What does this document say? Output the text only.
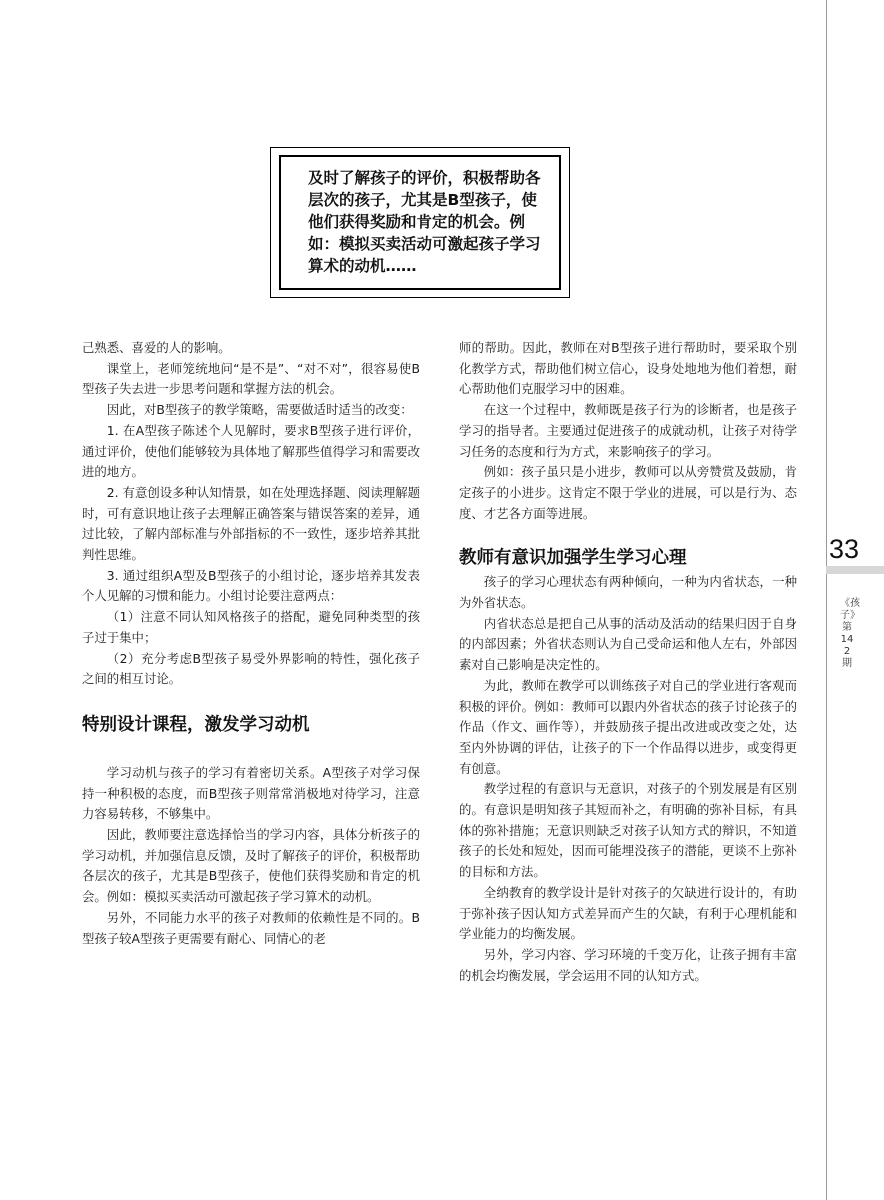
33
《孩子》第142期
及时了解孩子的评价，积极帮助各层次的孩子，尤其是B型孩子，使他们获得奖励和肯定的机会。例如：模拟买卖活动可激起孩子学习算术的动机……

己熟悉、喜爱的人的影响。

课堂上，老师笼统地问“是不是”、“对不对”，很容易使B型孩子失去进一步思考问题和掌握方法的机会。

因此，对B型孩子的教学策略，需要做适时适当的改变：

1. 在A型孩子陈述个人见解时，要求B型孩子进行评价，通过评价，使他们能够较为具体地了解那些值得学习和需要改进的地方。

2. 有意创设多种认知情景，如在处理选择题、阅读理解题时，可有意识地让孩子去理解正确答案与错误答案的差异，通过比较，了解内部标准与外部指标的不一致性，逐步培养其批判性思维。

3. 通过组织A型及B型孩子的小组讨论，逐步培养其发表个人见解的习惯和能力。小组讨论要注意两点：

（1）注意不同认知风格孩子的搭配，避免同种类型的孩子过于集中；

（2）充分考虑B型孩子易受外界影响的特性，强化孩子之间的相互讨论。

特别设计课程，激发学习动机

学习动机与孩子的学习有着密切关系。A型孩子对学习保持一种积极的态度，而B型孩子则常常消极地对待学习，注意力容易转移，不够集中。

因此，教师要注意选择恰当的学习内容，具体分析孩子的学习动机，并加强信息反馈，及时了解孩子的评价，积极帮助各层次的孩子，尤其是B型孩子，使他们获得奖励和肯定的机会。例如：模拟买卖活动可激起孩子学习算术的动机。

另外，不同能力水平的孩子对教师的依赖性是不同的。B型孩子较A型孩子更需要有耐心、同情心的老

师的帮助。因此，教师在对B型孩子进行帮助时，要采取个别化教学方式，帮助他们树立信心，设身处地地为他们着想，耐心帮助他们克服学习中的困难。

在这一个过程中，教师既是孩子行为的诊断者，也是孩子学习的指导者。主要通过促进孩子的成就动机，让孩子对待学习任务的态度和行为方式，来影响孩子的学习。

例如：孩子虽只是小进步，教师可以从旁赞赏及鼓励，肯定孩子的小进步。这肯定不限于学业的进展，可以是行为、态度、才艺各方面等进展。

教师有意识加强学生学习心理

孩子的学习心理状态有两种倾向，一种为内省状态，一种为外省状态。

内省状态总是把自己从事的活动及活动的结果归因于自身的内部因素；外省状态则认为自己受命运和他人左右，外部因素对自己影响是决定性的。

为此，教师在教学可以训练孩子对自己的学业进行客观而积极的评价。例如：教师可以跟内外省状态的孩子讨论孩子的作品（作文、画作等），并鼓励孩子提出改进或改变之处，达至内外协调的评估，让孩子的下一个作品得以进步，或变得更有创意。

教学过程的有意识与无意识，对孩子的个别发展是有区别的。有意识是明知孩子其短而补之，有明确的弥补目标，有具体的弥补措施；无意识则缺乏对孩子认知方式的辩识，不知道孩子的长处和短处，因而可能埋没孩子的潜能，更谈不上弥补的目标和方法。

全纳教育的教学设计是针对孩子的欠缺进行设计的，有助于弥补孩子因认知方式差异而产生的欠缺，有利于心理机能和学业能力的均衡发展。

另外，学习内容、学习环境的千变万化，让孩子拥有丰富的机会均衡发展，学会运用不同的认知方式。
